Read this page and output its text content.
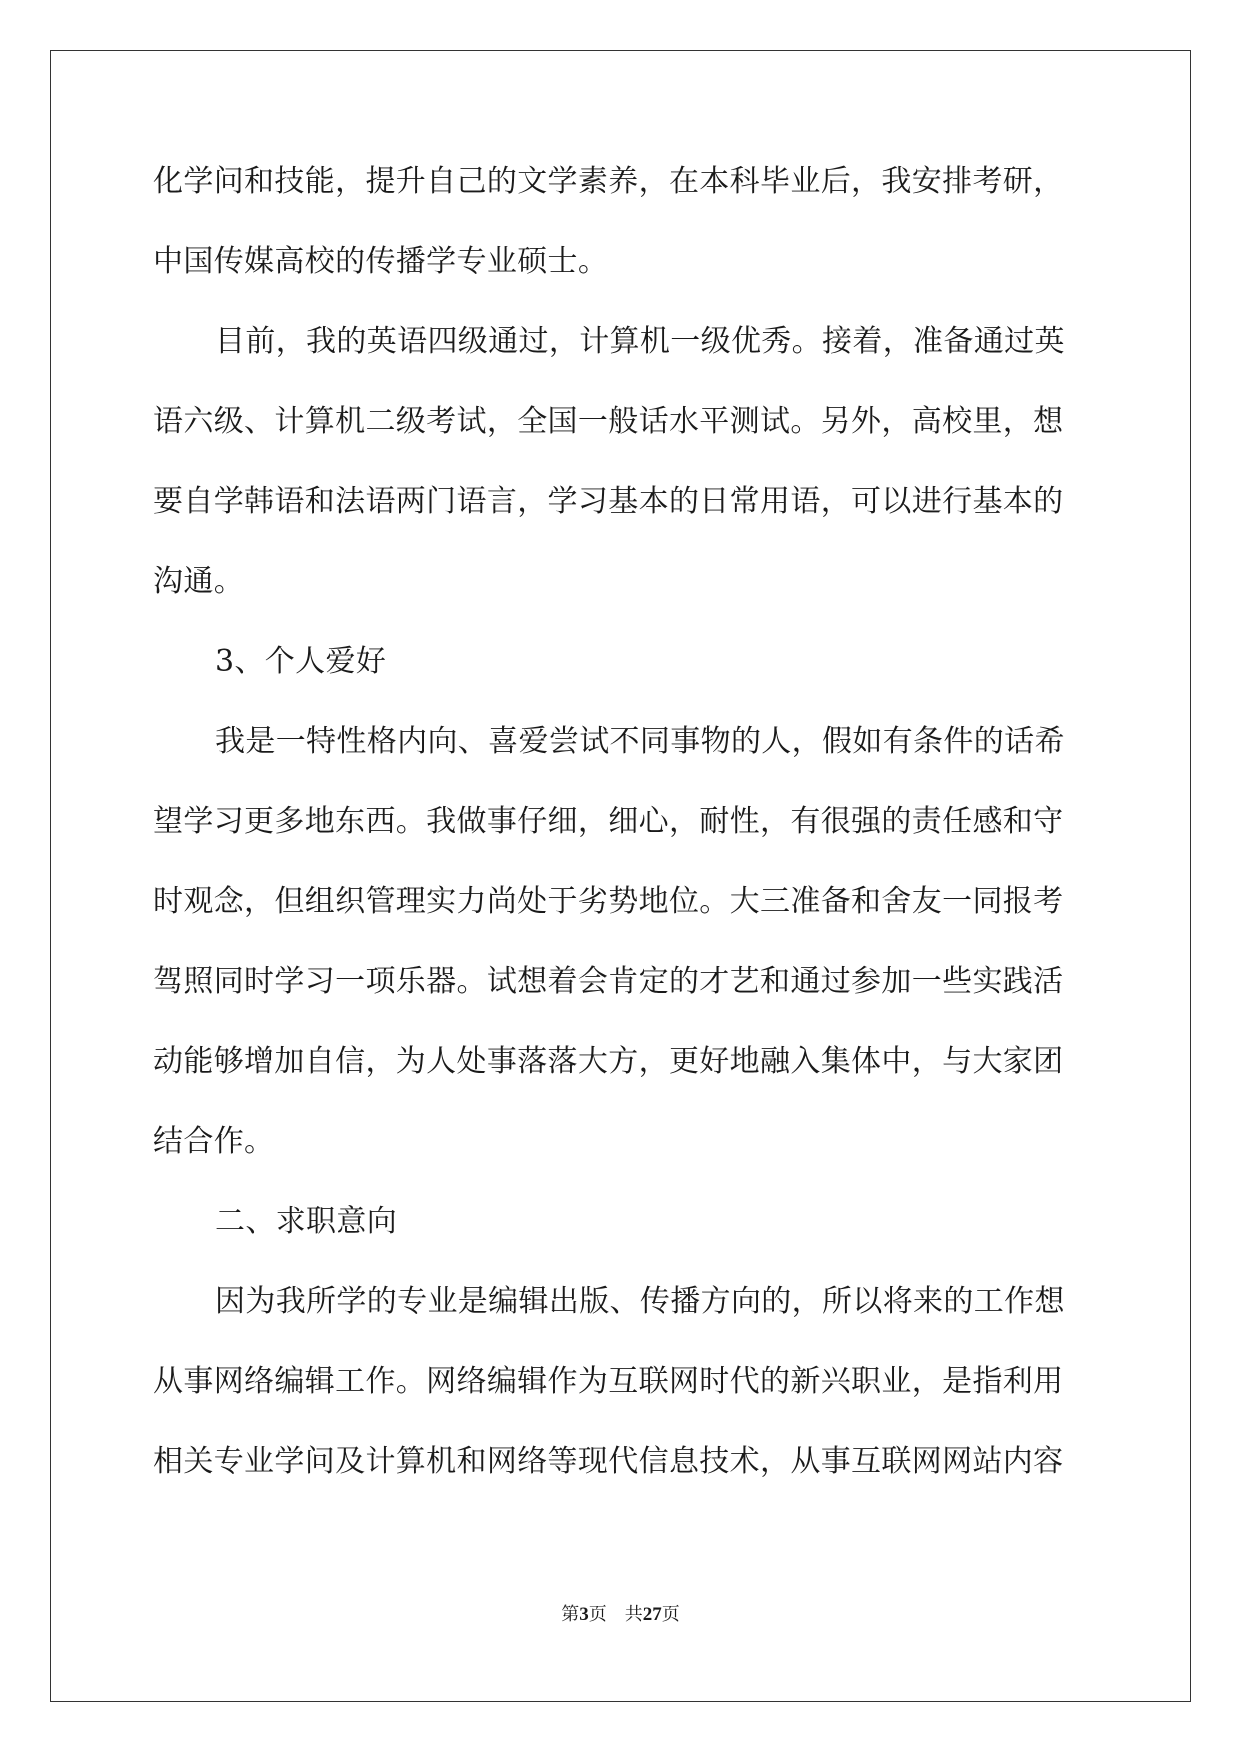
化学问和技能，提升自己的文学素养，在本科毕业后，我安排考研，

中国传媒高校的传播学专业硕士。

目前，我的英语四级通过，计算机一级优秀。接着，准备通过英

语六级、计算机二级考试，全国一般话水平测试。另外，高校里，想

要自学韩语和法语两门语言，学习基本的日常用语，可以进行基本的

沟通。

3、个人爱好

我是一特性格内向、喜爱尝试不同事物的人，假如有条件的话希

望学习更多地东西。我做事仔细，细心，耐性，有很强的责任感和守

时观念，但组织管理实力尚处于劣势地位。大三准备和舍友一同报考

驾照同时学习一项乐器。试想着会肯定的才艺和通过参加一些实践活

动能够增加自信，为人处事落落大方，更好地融入集体中，与大家团

结合作。

二、求职意向

因为我所学的专业是编辑出版、传播方向的，所以将来的工作想

从事网络编辑工作。网络编辑作为互联网时代的新兴职业，是指利用

相关专业学问及计算机和网络等现代信息技术，从事互联网网站内容

第3页 共27页
